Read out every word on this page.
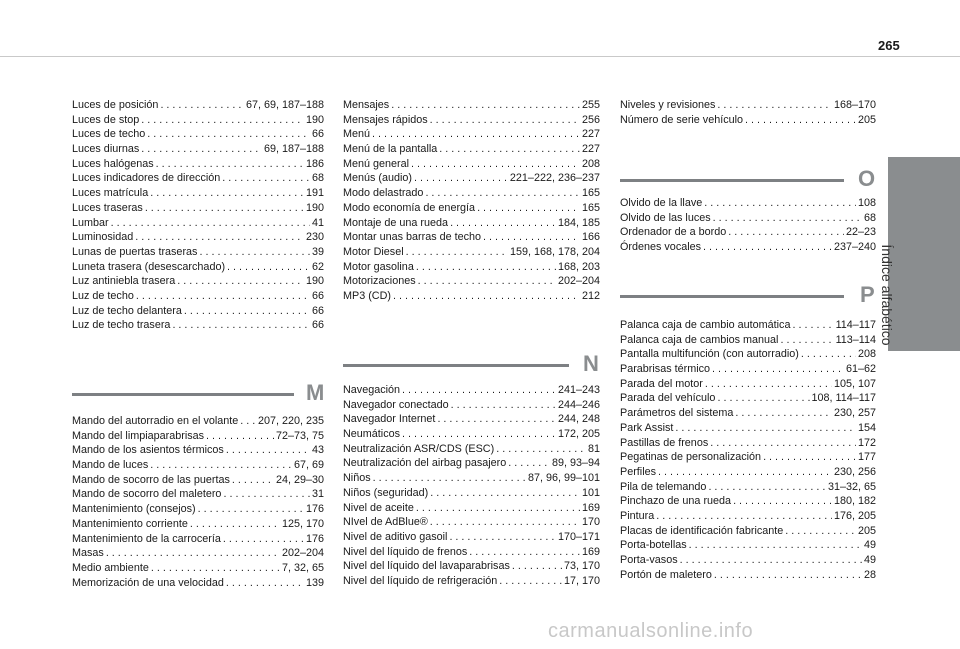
265
Índice alfabético
Luces de posición . . .	67, 69, 187–188
Luces de stop . . .	190
Luces de techo . . .	66
Luces diurnas . . .	69, 187–188
Luces halógenas . . .	186
Luces indicadores de dirección . . .	68
Luces matrícula . . .	191
Luces traseras . . .	190
Lumbar . . .	41
Luminosidad . . .	230
Lunas de puertas traseras . . .	39
Luneta trasera (desescarchado) . . .	62
Luz antiniebla trasera . . .	190
Luz de techo . . .	66
Luz de techo delantera . . .	66
Luz de techo trasera . . .	66
M
Mando del autorradio en el volante . . . 207, 220, 235
Mando del limpiaparabrisas . . .	72–73, 75
Mando de los asientos térmicos . . .	43
Mando de luces . . .	67, 69
Mando de socorro de las puertas . . .	24, 29–30
Mando de socorro del maletero . . .	31
Mantenimiento (consejos) . . .	176
Mantenimiento corriente . . .	125, 170
Mantenimiento de la carrocería . . .	176
Masas . . .	202–204
Medio ambiente . . .	7, 32, 65
Memorización de una velocidad . . .	139
Mensajes . . .	255
Mensajes rápidos . . .	256
Menú . . .	227
Menú de la pantalla . . .	227
Menú general . . .	208
Menús (audio) . . .	221–222, 236–237
Modo delastrado . . .	165
Modo economía de energía . . .	165
Montaje de una rueda . . .	184, 185
Montar unas barras de techo . . .	166
Motor Diesel . . .	159, 168, 178, 204
Motor gasolina . . .	168, 203
Motorizaciones . . .	202–204
MP3 (CD) . . .	212
N
Navegación . . .	241–243
Navegador conectado . . .	244–246
Navegador Internet . . .	244, 248
Neumáticos . . .	172, 205
Neutralización ASR/CDS (ESC) . . .	81
Neutralización del airbag pasajero . . .	89, 93–94
Niños . . .	87, 96, 99–101
Niños (seguridad) . . .	101
Nivel de aceite . . .	169
NIvel de AdBlue® . . .	170
Nivel de aditivo gasoil . . .	170–171
Nivel del líquido de frenos . . .	169
Nivel del líquido del lavaparabrisas . . .	73, 170
Nivel del líquido de refrigeración . . .	17, 170
Niveles y revisiones . . .	168–170
Número de serie vehículo . . .	205
O
Olvido de la llave . . .	108
Olvido de las luces . . .	68
Ordenador de a bordo . . .	22–23
Órdenes vocales . . .	237–240
P
Palanca caja de cambio automática . . .	114–117
Palanca caja de cambios manual . . .	113–114
Pantalla multifunción (con autorradio) . . .	208
Parabrisas térmico . . .	61–62
Parada del motor . . .	105, 107
Parada del vehículo . . .	108, 114–117
Parámetros del sistema . . .	230, 257
Park Assist . . .	154
Pastillas de frenos . . .	172
Pegatinas de personalización . . .	177
Perfiles . . .	230, 256
Pila de telemando . . .	31–32, 65
Pinchazo de una rueda . . .	180, 182
Pintura . . .	176, 205
Placas de identificación fabricante . . .	205
Porta-botellas . . .	49
Porta-vasos . . .	49
Portón de maletero . . .	28
carmanualsonline.info
